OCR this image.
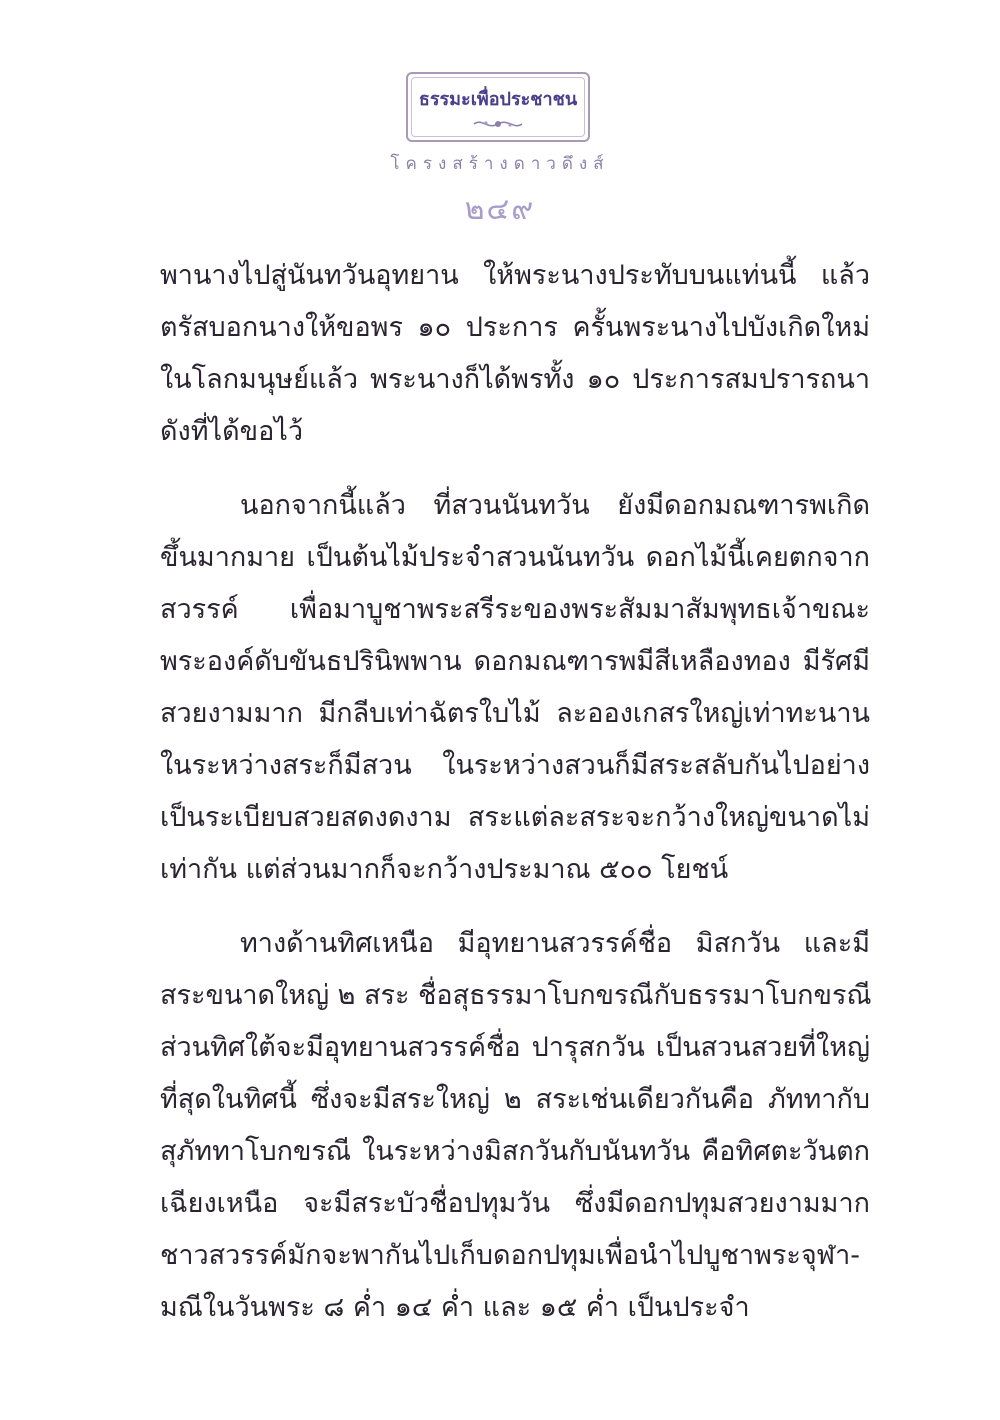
ธรรมะเพื่อประชาชน
โครงสร้างดาวดึงส์
๒๔๙
พานางไปสู่นันทวันอุทยาน ให้พระนางประทับบนแท่นนี้ แล้ว
ตรัสบอกนางให้ขอพร ๑๐ ประการ ครั้นพระนางไปบังเกิดใหม่
ในโลกมนุษย์แล้ว พระนางก็ได้พรทั้ง ๑๐ ประการสมปรารถนา
ดังที่ได้ขอไว้
นอกจากนี้แล้ว ที่สวนนันทวัน ยังมีดอกมณฑารพเกิด
ขึ้นมากมาย เป็นต้นไม้ประจำสวนนันทวัน ดอกไม้นี้เคยตกจาก
สวรรค์ เพื่อมาบูชาพระสรีระของพระสัมมาสัมพุทธเจ้าขณะ
พระองค์ดับขันธปรินิพพาน ดอกมณฑารพมีสีเหลืองทอง มีรัศมี
สวยงามมาก มีกลีบเท่าฉัตรใบไม้ ละอองเกสรใหญ่เท่าทะนาน
ในระหว่างสระก็มีสวน ในระหว่างสวนก็มีสระสลับกันไปอย่าง
เป็นระเบียบสวยสดงดงาม สระแต่ละสระจะกว้างใหญ่ขนาดไม่
เท่ากัน แต่ส่วนมากก็จะกว้างประมาณ ๕๐๐ โยชน์
ทางด้านทิศเหนือ มีอุทยานสวรรค์ชื่อ มิสกวัน และมี
สระขนาดใหญ่ ๒ สระ ชื่อสุธรรมาโบกขรณีกับธรรมาโบกขรณี
ส่วนทิศใต้จะมีอุทยานสวรรค์ชื่อ ปารุสกวัน เป็นสวนสวยที่ใหญ่
ที่สุดในทิศนี้ ซึ่งจะมีสระใหญ่ ๒ สระเช่นเดียวกันคือ ภัททากับ
สุภัททาโบกขรณี ในระหว่างมิสกวันกับนันทวัน คือทิศตะวันตก
เฉียงเหนือ จะมีสระบัวชื่อปทุมวัน ซึ่งมีดอกปทุมสวยงามมาก
ชาวสวรรค์มักจะพากันไปเก็บดอกปทุมเพื่อนำไปบูชาพระจุฬา-
มณีในวันพระ ๘ ค่ำ ๑๔ ค่ำ และ ๑๕ ค่ำ เป็นประจำ
